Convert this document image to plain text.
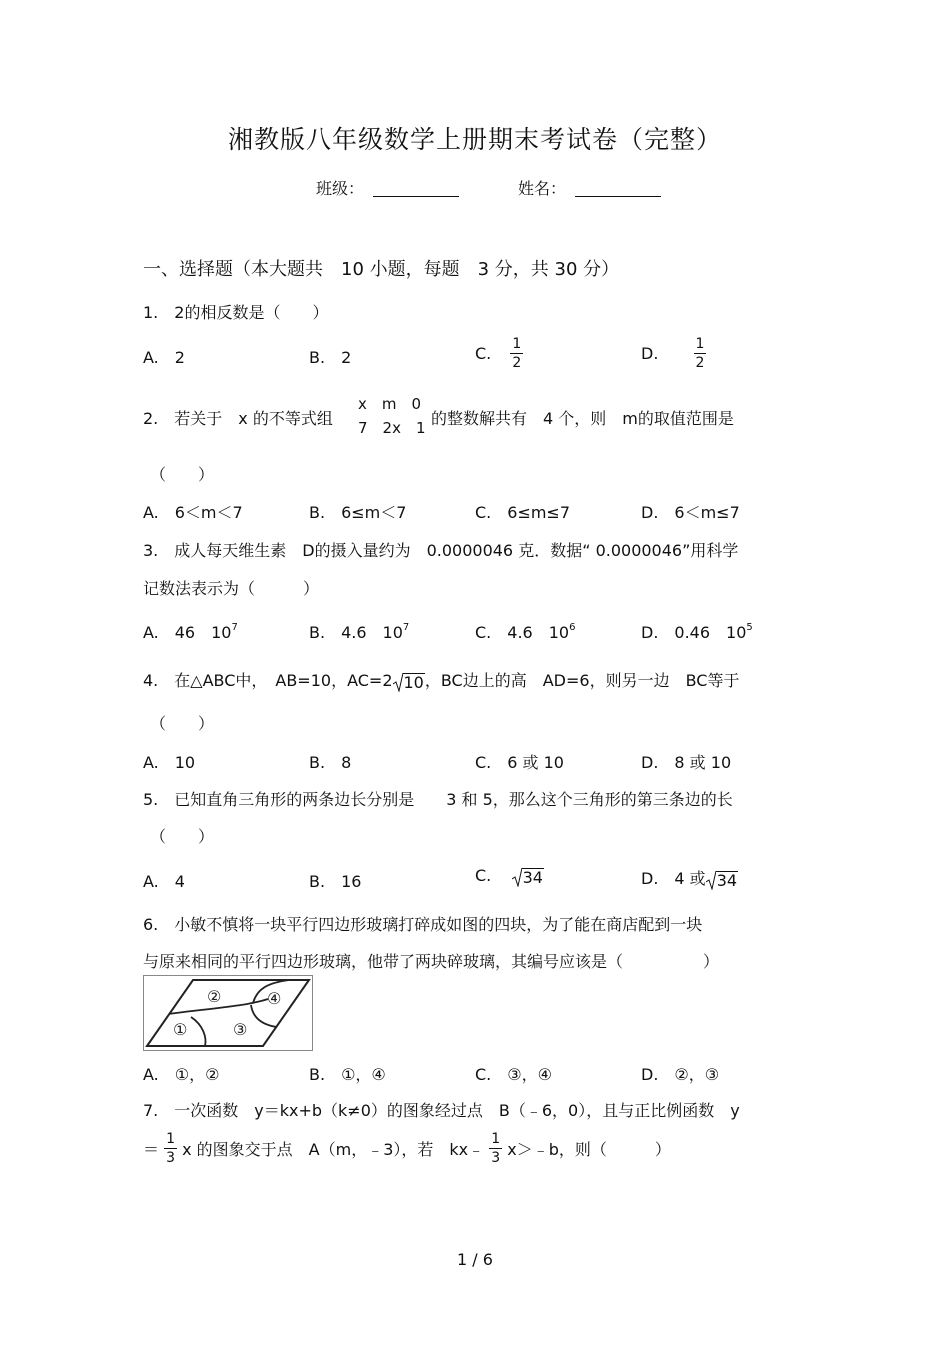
湘教版八年级数学上册期末考试卷（完整）
班级：	姓名：
一、选择题（本大题共　10 小题，每题　3 分，共 30 分）
1.　2的相反数是（　　）
A.　2	B.　2	C. $\frac{1}{2}$	D.	$\frac{1}{2}$
2.　若关于　x 的不等式组
x　m　0
7　2x　1 的整数解共有　4 个，则　m的取值范围是
（　　）
A.　6＜m＜7	B.　6≤m＜7	C.　6≤m≤7	D.　6＜m≤7
3.　成人每天维生素　D的摄入量约为　0.0000046 克．数据“ 0.0000046”用科学
记数法表示为（　　　）
A.　46　$10^7$	B.　4.6　$10^7$	C.　4.6　$10^6$	D.　0.46　$10^5$
4.　在△ABC中，　AB=10，AC=2 10 ，BC边上的高　AD=6，则另一边　BC等于
（　　）
A.　10	B.　8	C.　6 或 10	D.　8 或 10
5.　已知直角三角形的两条边长分别是　　3 和 5，那么这个三角形的第三条边的长
（　　）
A.　4	B.　16	C. 34	D.　4 或 34
6.　小敏不慎将一块平行四边形玻璃打碎成如图的四块，为了能在商店配到一块
与原来相同的平行四边形玻璃，他带了两块碎玻璃，其编号应该是（　　　　　）
①
②
③
④
A.　①，②	B.　①，④	C.　③，④	D.　②，③
7.　一次函数　y＝kx+b（k≠0）的图象经过点　B（﹣6，0），且与正比例函数　y
＝ $\frac{1}{3}$ x 的图象交于点　A（m，﹣3），若　kx﹣ $\frac{1}{3}$ x＞﹣b，则（　　　）
1 / 6
